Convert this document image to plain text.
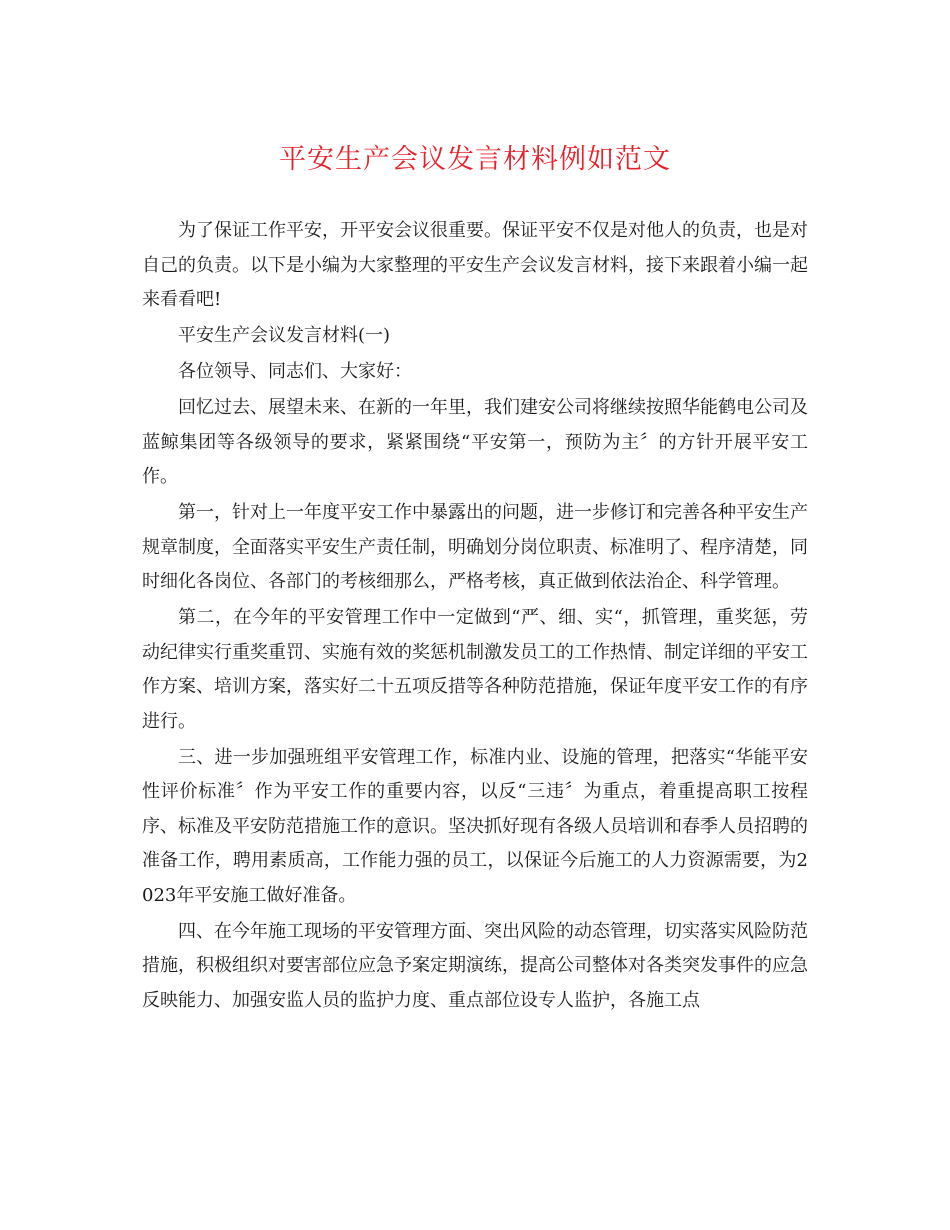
平安生产会议发言材料例如范文

为了保证工作平安，开平安会议很重要。保证平安不仅是对他人的负责，也是对自己的负责。以下是小编为大家整理的平安生产会议发言材料，接下来跟着小编一起来看看吧!

平安生产会议发言材料(一)

各位领导、同志们、大家好：

回忆过去、展望未来、在新的一年里，我们建安公司将继续按照华能鹤电公司及蓝鲸集团等各级领导的要求，紧紧围绕“平安第一，预防为主〞的方针开展平安工作。

第一，针对上一年度平安工作中暴露出的问题，进一步修订和完善各种平安生产规章制度，全面落实平安生产责任制，明确划分岗位职责、标准明了、程序清楚，同时细化各岗位、各部门的考核细那么，严格考核，真正做到依法治企、科学管理。

第二，在今年的平安管理工作中一定做到“严、细、实“，抓管理，重奖惩，劳动纪律实行重奖重罚、实施有效的奖惩机制激发员工的工作热情、制定详细的平安工作方案、培训方案，落实好二十五项反措等各种防范措施，保证年度平安工作的有序进行。

三、进一步加强班组平安管理工作，标准内业、设施的管理，把落实“华能平安性评价标准〞作为平安工作的重要内容，以反“三违〞为重点，着重提高职工按程序、标准及平安防范措施工作的意识。坚决抓好现有各级人员培训和春季人员招聘的准备工作，聘用素质高，工作能力强的员工，以保证今后施工的人力资源需要，为2023年平安施工做好准备。

四、在今年施工现场的平安管理方面、突出风险的动态管理，切实落实风险防范措施，积极组织对要害部位应急予案定期演练，提高公司整体对各类突发事件的应急反映能力、加强安监人员的监护力度、重点部位设专人监护，各施工点
